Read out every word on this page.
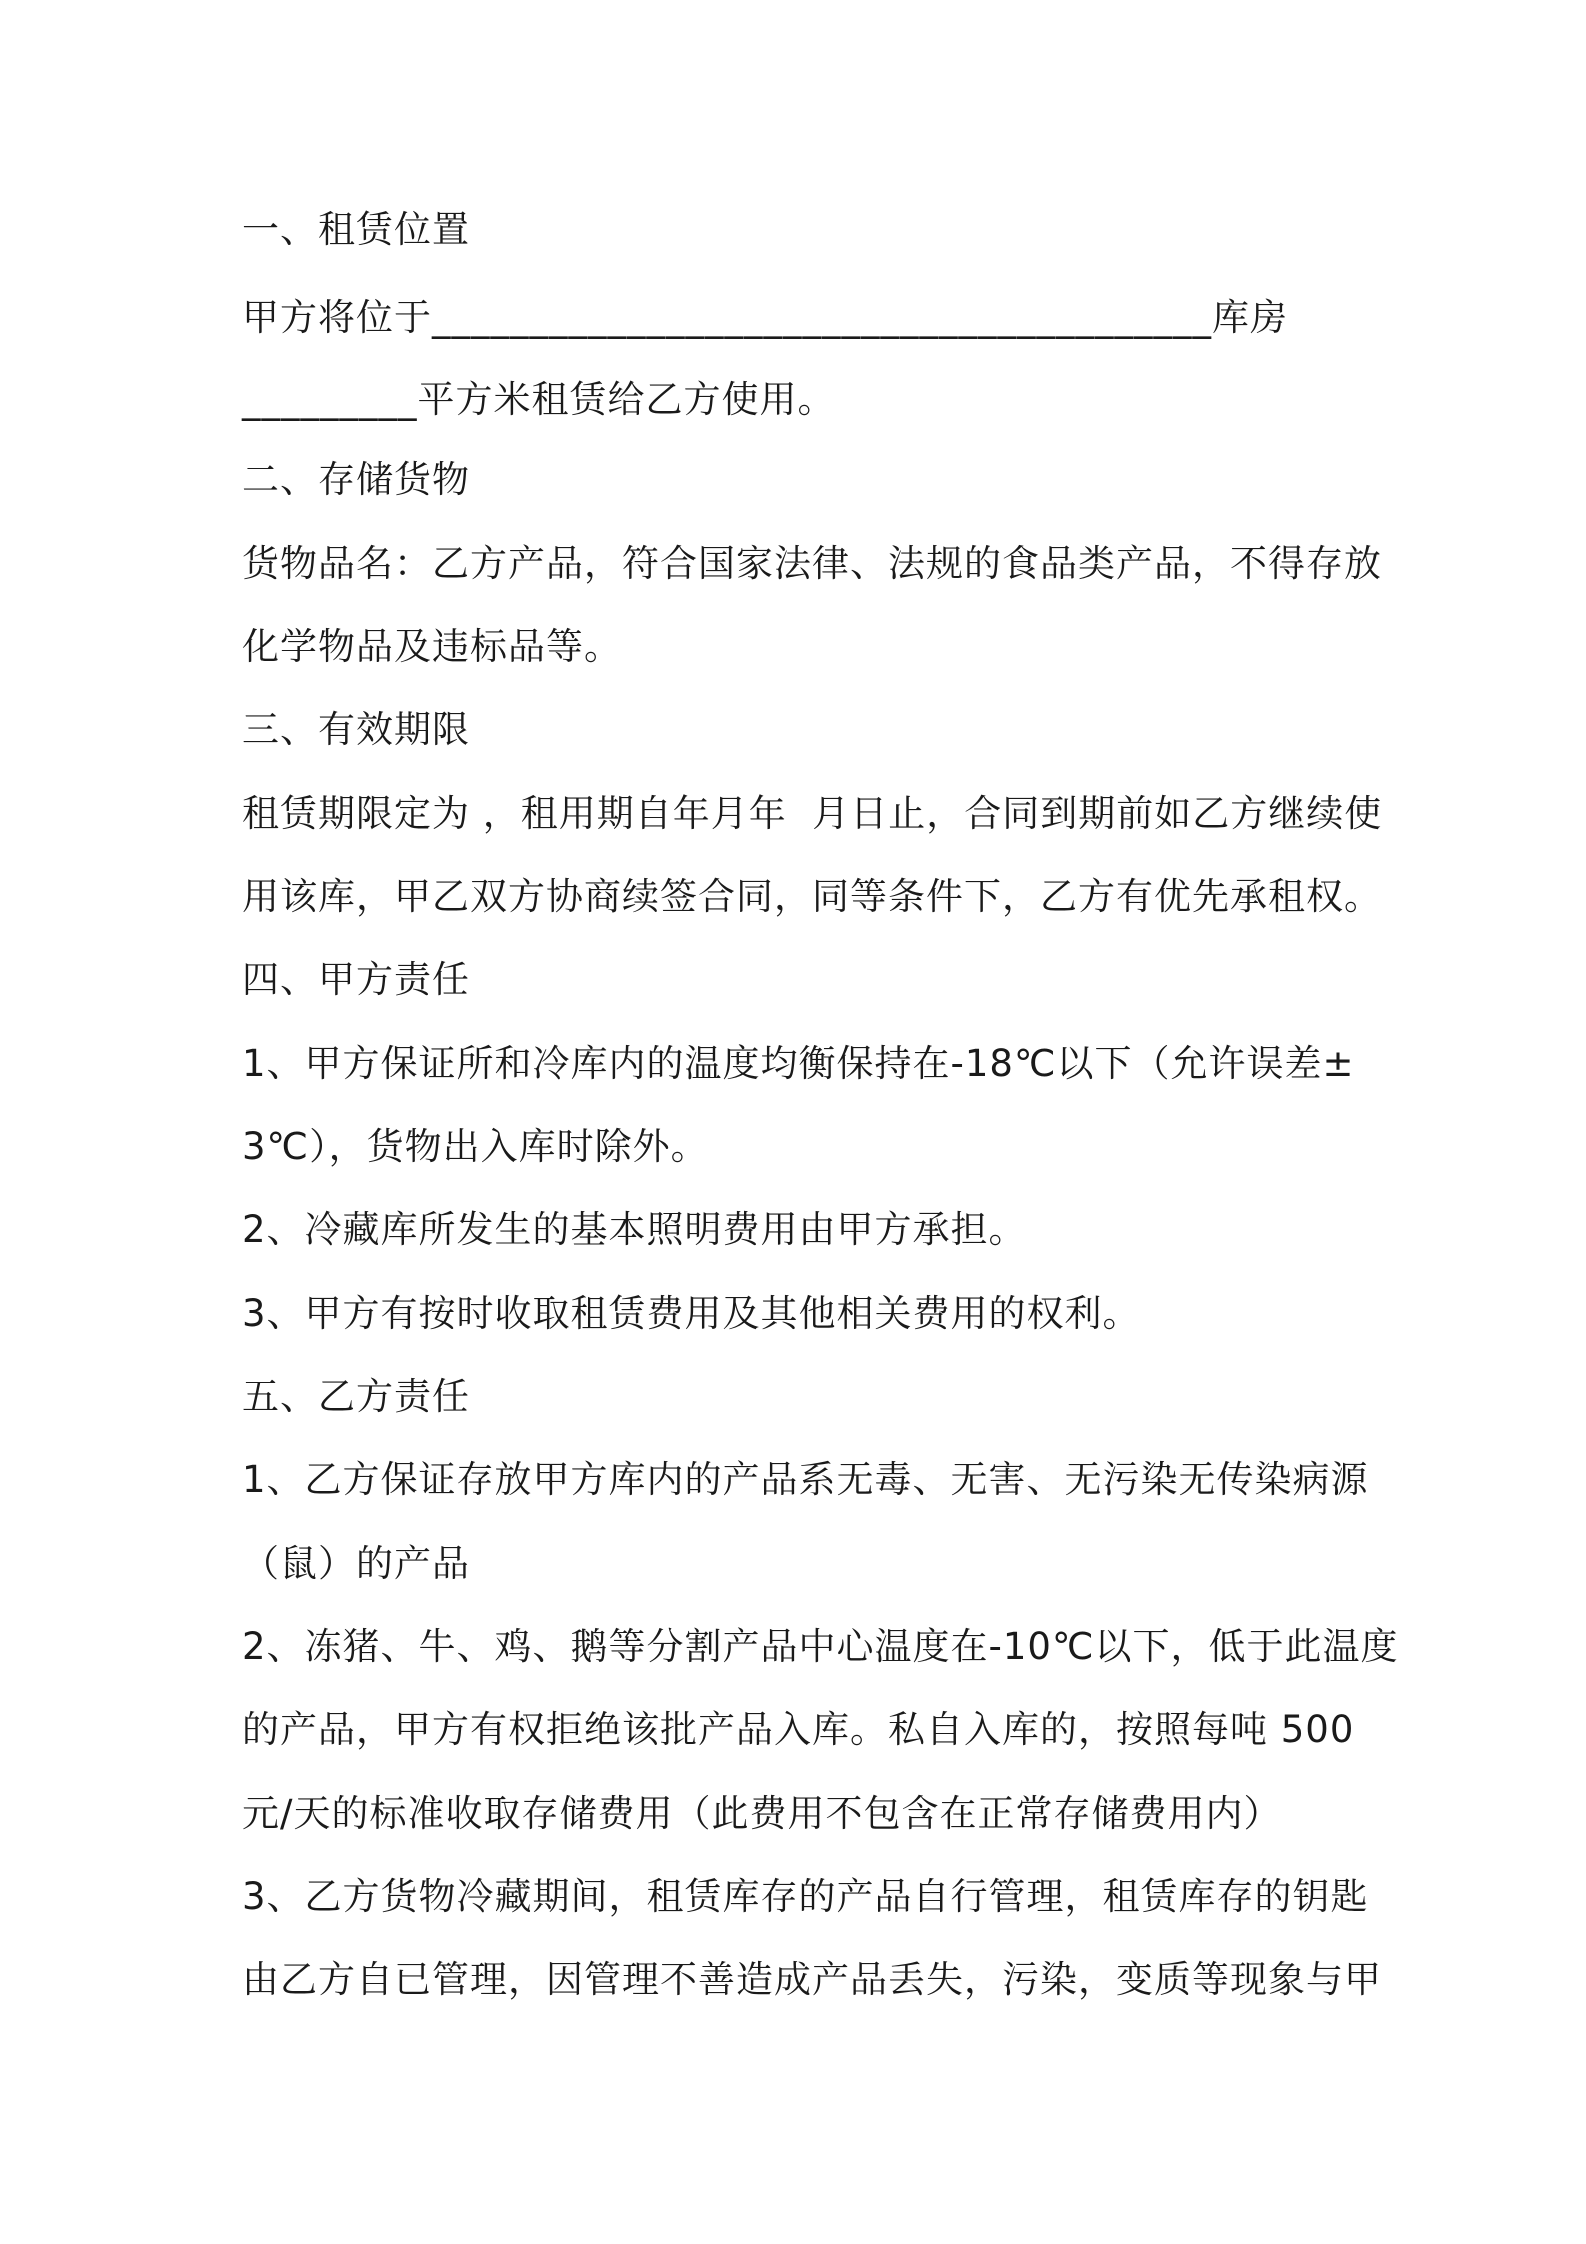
一、租赁位置
甲方将位于________________________________________库房
_________平方米租赁给乙方使用。
二、存储货物
货物品名：乙方产品，符合国家法律、法规的食品类产品，不得存放
化学物品及违标品等。
三、有效期限
租赁期限定为 ，租用期自年月年  月日止，合同到期前如乙方继续使
用该库，甲乙双方协商续签合同，同等条件下，乙方有优先承租权。
四、甲方责任
1、甲方保证所和冷库内的温度均衡保持在-18℃以下（允许误差±
3℃），货物出入库时除外。
2、冷藏库所发生的基本照明费用由甲方承担。
3、甲方有按时收取租赁费用及其他相关费用的权利。
五、乙方责任
1、乙方保证存放甲方库内的产品系无毒、无害、无污染无传染病源
（鼠）的产品
2、冻猪、牛、鸡、鹅等分割产品中心温度在-10℃以下，低于此温度
的产品，甲方有权拒绝该批产品入库。私自入库的，按照每吨 500
元/天的标准收取存储费用（此费用不包含在正常存储费用内）
3、乙方货物冷藏期间，租赁库存的产品自行管理，租赁库存的钥匙
由乙方自已管理，因管理不善造成产品丢失，污染，变质等现象与甲
